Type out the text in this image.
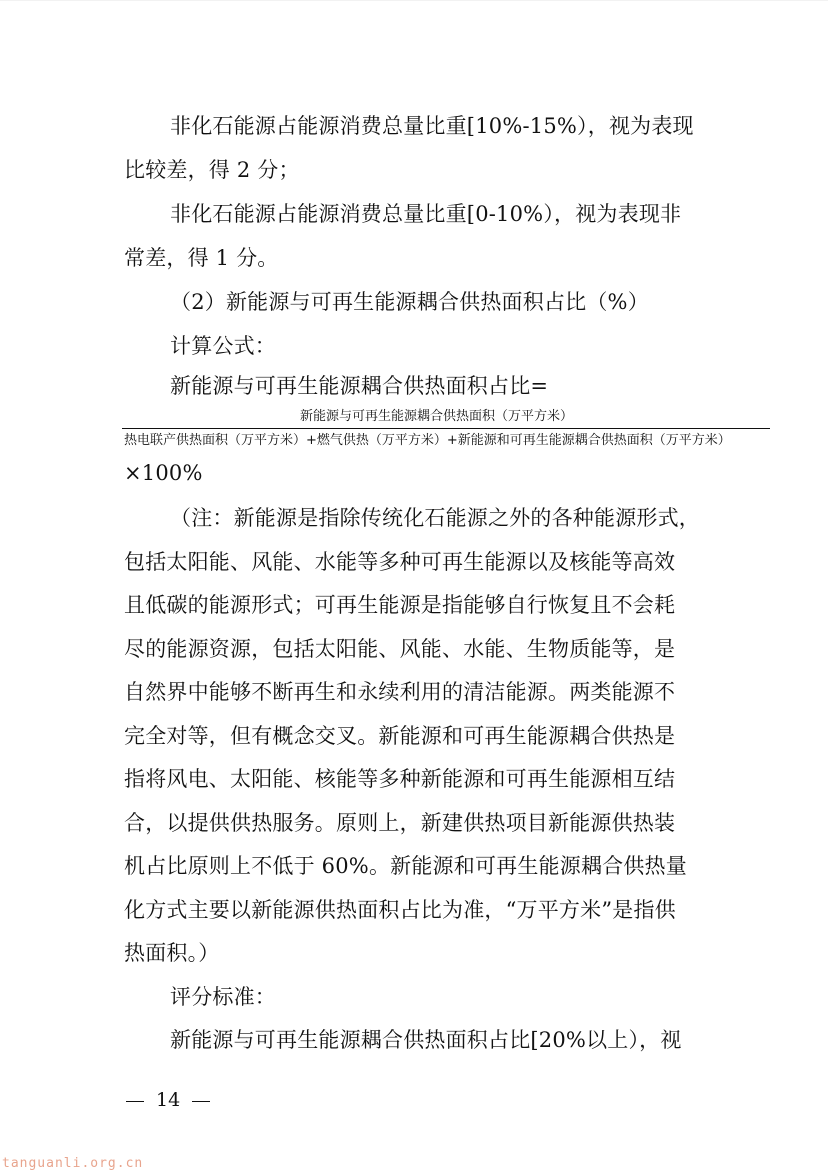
非化石能源占能源消费总量比重[10%-15%），视为表现
比较差，得 2 分；
非化石能源占能源消费总量比重[0-10%），视为表现非
常差，得 1 分。
（2）新能源与可再生能源耦合供热面积占比（%）
计算公式：
新能源与可再生能源耦合供热面积占比=
新能源与可再生能源耦合供热面积（万平方米）
热电联产供热面积（万平方米）+燃气供热（万平方米）+新能源和可再生能源耦合供热面积（万平方米）
×100%
（注：新能源是指除传统化石能源之外的各种能源形式，
包括太阳能、风能、水能等多种可再生能源以及核能等高效
且低碳的能源形式；可再生能源是指能够自行恢复且不会耗
尽的能源资源，包括太阳能、风能、水能、生物质能等，是
自然界中能够不断再生和永续利用的清洁能源。两类能源不
完全对等，但有概念交叉。新能源和可再生能源耦合供热是
指将风电、太阳能、核能等多种新能源和可再生能源相互结
合，以提供供热服务。原则上，新建供热项目新能源供热装
机占比原则上不低于 60%。新能源和可再生能源耦合供热量
化方式主要以新能源供热面积占比为准，“万平方米”是指供
热面积。）
评分标准：
新能源与可再生能源耦合供热面积占比[20%以上），视
14
tanguanli.org.cn
